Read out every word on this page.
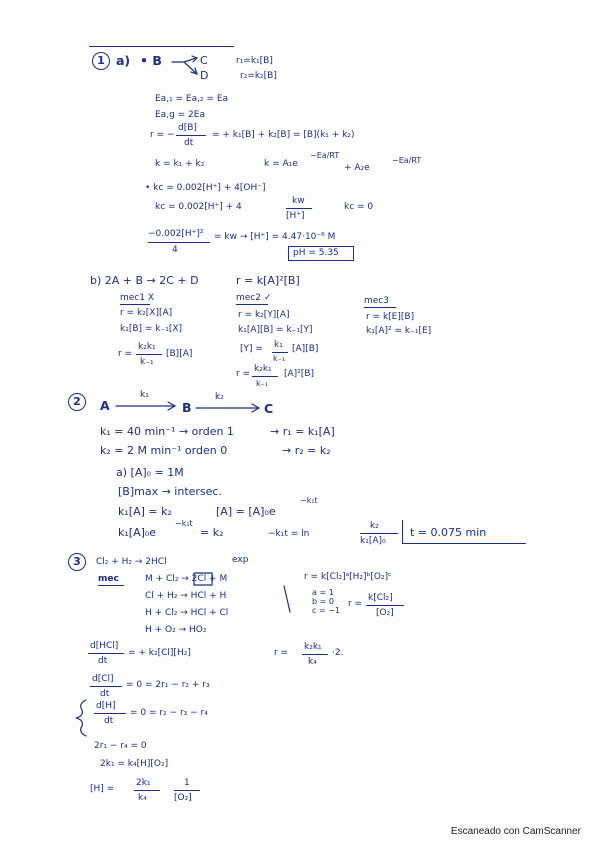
1 a) • B	C
D
r₁=k₁[B]
r₂=k₂[B]
Ea,₁ = Ea,₂ = Ea
Ea,g = 2Ea
r = −
d[B]
dt
= + k₁[B] + k₂[B] = [B](k₁ + k₂)
k = k₁ + k₂	k = A₁e
−Ea/RT
+ A₂e
−Ea/RT
• kc = 0.002[H⁺] + 4[OH⁻]
kc = 0.002[H⁺] + 4
kw
[H⁺]
kc = 0
−0.002[H⁺]²
4
= kw → [H⁺] = 4.47·10⁻⁶ M
pH = 5.35
b) 2A + B → 2C + D	r = k[A]²[B]
mec1 X
r = k₂[X][A]
k₁[B] = k₋₁[X]
r =
k₂k₁
k₋₁
[B][A]
mec2 ✓
r = k₂[Y][A]
k₁[A][B] = k₋₁[Y]
[Y] = k₁
k₋₁
[A][B]
r = k₂k₁
k₋₁
[A]²[B]
mec3
r = k[E][B]
k₁[A]² = k₋₁[E]
2	A
k₁
B
k₂
C
k₁ = 40 min⁻¹ → orden 1	→ r₁ = k₁[A]
k₂ = 2 M min⁻¹ orden 0	→ r₂ = k₂
a) [A]₀ = 1M
[B]max → intersec.
k₁[A] = k₂	[A] = [A]₀e
−k₁t
k₁[A]₀e
−k₁t
= k₂	−k₁t = ln
k₂
k₁[A]₀
t = 0.075 min
3	Cl₂ + H₂ → 2HCl	exp
mec	M + Cl₂ → 2Cl + M
Cl + H₂ → HCl + H
H + Cl₂ → HCl + Cl
H + O₂ → HO₂
r = k[Cl₂]ᵃ[H₂]ᵇ[O₂]ᶜ
a = 1
b = 0
c = −1
r =
k[Cl₂]
[O₂]
d[HCl]
dt
= + k₂[Cl][H₂]	r =
k₂k₁
k₄
·2.
d[Cl]
dt
= 0 = 2r₁ − r₂ + r₃
d[H]
dt
= 0 = r₂ − r₃ − r₄
2r₁ − r₄ = 0
2k₁ = k₄[H][O₂]
[H] =
2k₁
k₄
1
[O₂]
Escaneado con CamScanner
